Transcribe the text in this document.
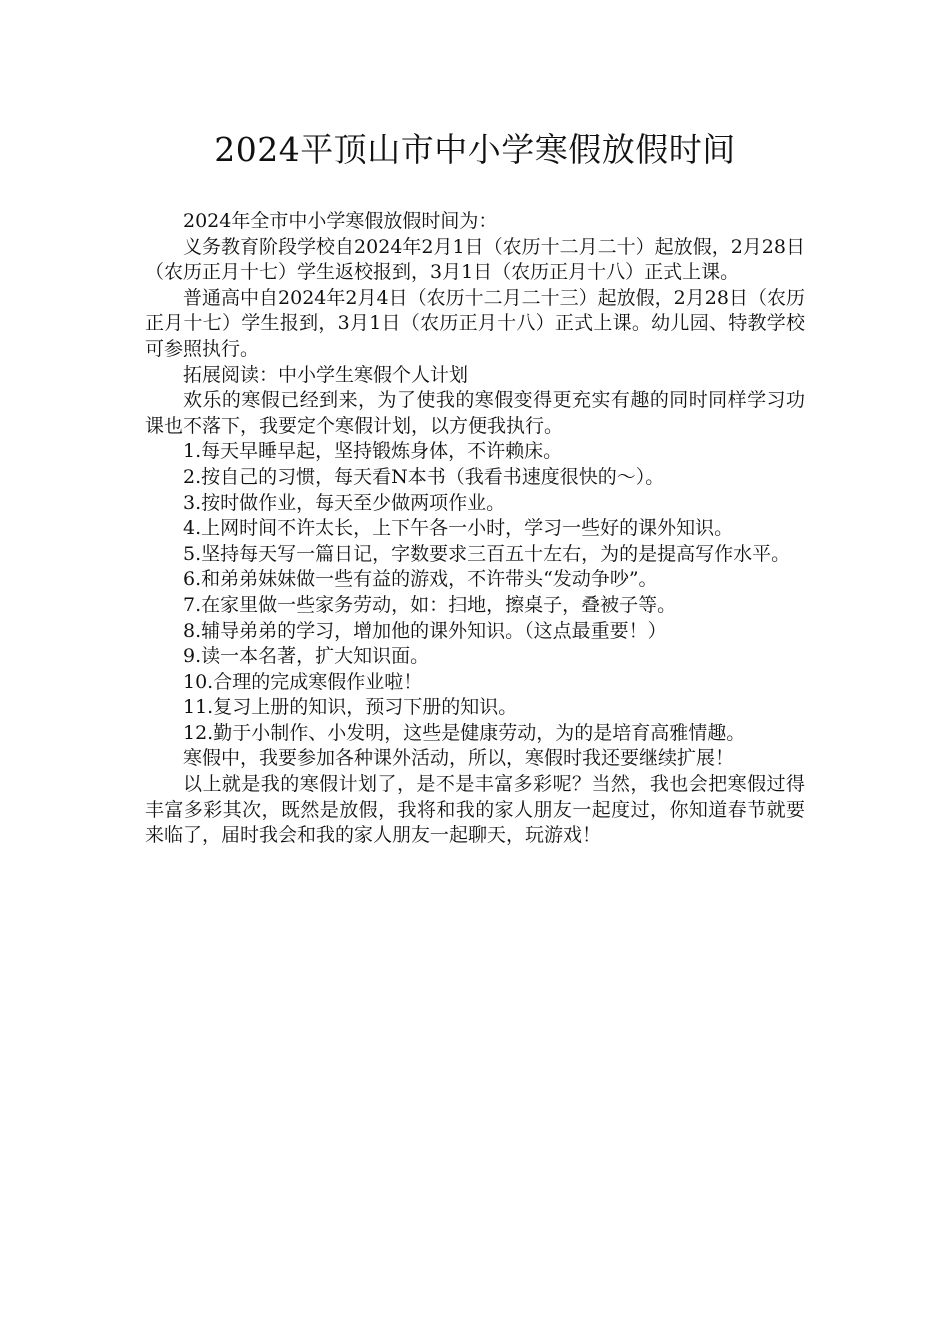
2024平顶山市中小学寒假放假时间

2024年全市中小学寒假放假时间为：

义务教育阶段学校自2024年2月1日（农历十二月二十）起放假，2月28日（农历正月十七）学生返校报到，3月1日（农历正月十八）正式上课。

普通高中自2024年2月4日（农历十二月二十三）起放假，2月28日（农历正月十七）学生报到，3月1日（农历正月十八）正式上课。幼儿园、特教学校可参照执行。

拓展阅读：中小学生寒假个人计划

欢乐的寒假已经到来，为了使我的寒假变得更充实有趣的同时同样学习功课也不落下，我要定个寒假计划，以方便我执行。

1.每天早睡早起，坚持锻炼身体，不许赖床。

2.按自己的习惯，每天看N本书（我看书速度很快的～）。

3.按时做作业，每天至少做两项作业。

4.上网时间不许太长，上下午各一小时，学习一些好的课外知识。

5.坚持每天写一篇日记，字数要求三百五十左右，为的是提高写作水平。

6.和弟弟妹妹做一些有益的游戏，不许带头“发动争吵”。

7.在家里做一些家务劳动，如：扫地，擦桌子，叠被子等。

8.辅导弟弟的学习，增加他的课外知识。（这点最重要！）

9.读一本名著，扩大知识面。

10.合理的完成寒假作业啦！

11.复习上册的知识，预习下册的知识。

12.勤于小制作、小发明，这些是健康劳动，为的是培育高雅情趣。

寒假中，我要参加各种课外活动，所以，寒假时我还要继续扩展！

以上就是我的寒假计划了，是不是丰富多彩呢？当然，我也会把寒假过得丰富多彩其次，既然是放假，我将和我的家人朋友一起度过，你知道春节就要来临了，届时我会和我的家人朋友一起聊天，玩游戏！
